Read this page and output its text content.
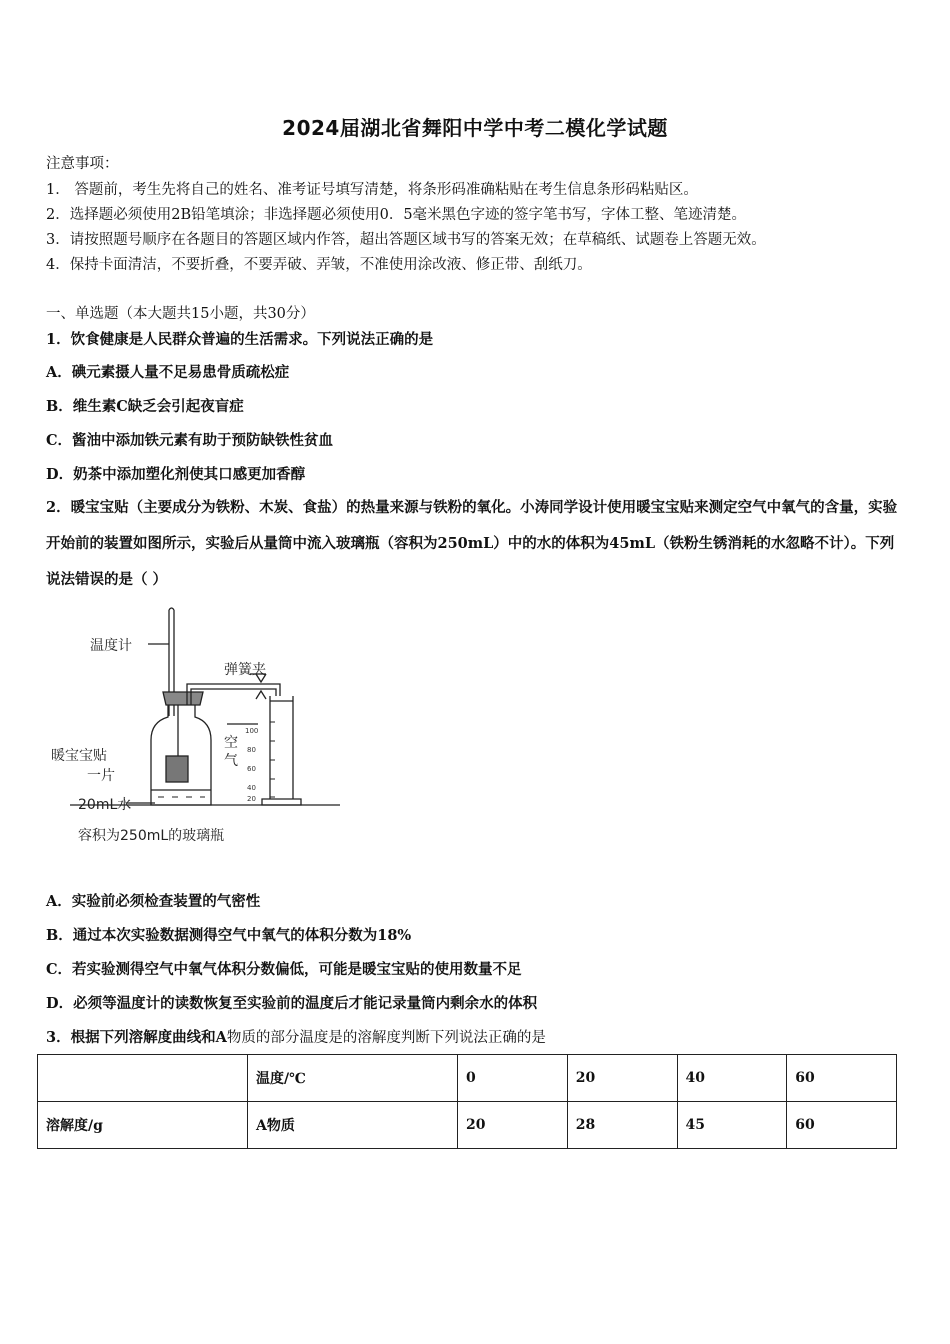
2024届湖北省舞阳中学中考二模化学试题
注意事项：
1． 答题前，考生先将自己的姓名、准考证号填写清楚，将条形码准确粘贴在考生信息条形码粘贴区。
2．选择题必须使用2B铅笔填涂；非选择题必须使用0．5毫米黑色字迹的签字笔书写，字体工整、笔迹清楚。
3．请按照题号顺序在各题目的答题区域内作答，超出答题区域书写的答案无效；在草稿纸、试题卷上答题无效。
4．保持卡面清洁，不要折叠，不要弄破、弄皱，不准使用涂改液、修正带、刮纸刀。
一、单选题（本大题共15小题，共30分）
1．饮食健康是人民群众普遍的生活需求。下列说法正确的是
A．碘元素摄人量不足易患骨质疏松症
B．维生素C缺乏会引起夜盲症
C．酱油中添加铁元素有助于预防缺铁性贫血
D．奶茶中添加塑化剂使其口感更加香醇
2．暖宝宝贴（主要成分为铁粉、木炭、食盐）的热量来源与铁粉的氧化。小涛同学设计使用暖宝宝贴来测定空气中氧气的含量，实验开始前的装置如图所示，实验后从量筒中流入玻璃瓶（容积为250mL）中的水的体积为45mL（铁粉生锈消耗的水忽略不计）。下列说法错误的是（ ）
温度计
弹簧夹
暖宝宝贴
一片
空
气
20mL水
容积为250mL的玻璃瓶
100
80
60
40
20
A．实验前必须检查装置的气密性
B．通过本次实验数据测得空气中氧气的体积分数为18%
C．若实验测得空气中氧气体积分数偏低，可能是暖宝宝贴的使用数量不足
D．必须等温度计的读数恢复至实验前的温度后才能记录量筒内剩余水的体积
3．根据下列溶解度曲线和A物质的部分温度是的溶解度判断下列说法正确的是
	温度/℃	0	20	40	60
溶解度/g	A物质	20	28	45	60
